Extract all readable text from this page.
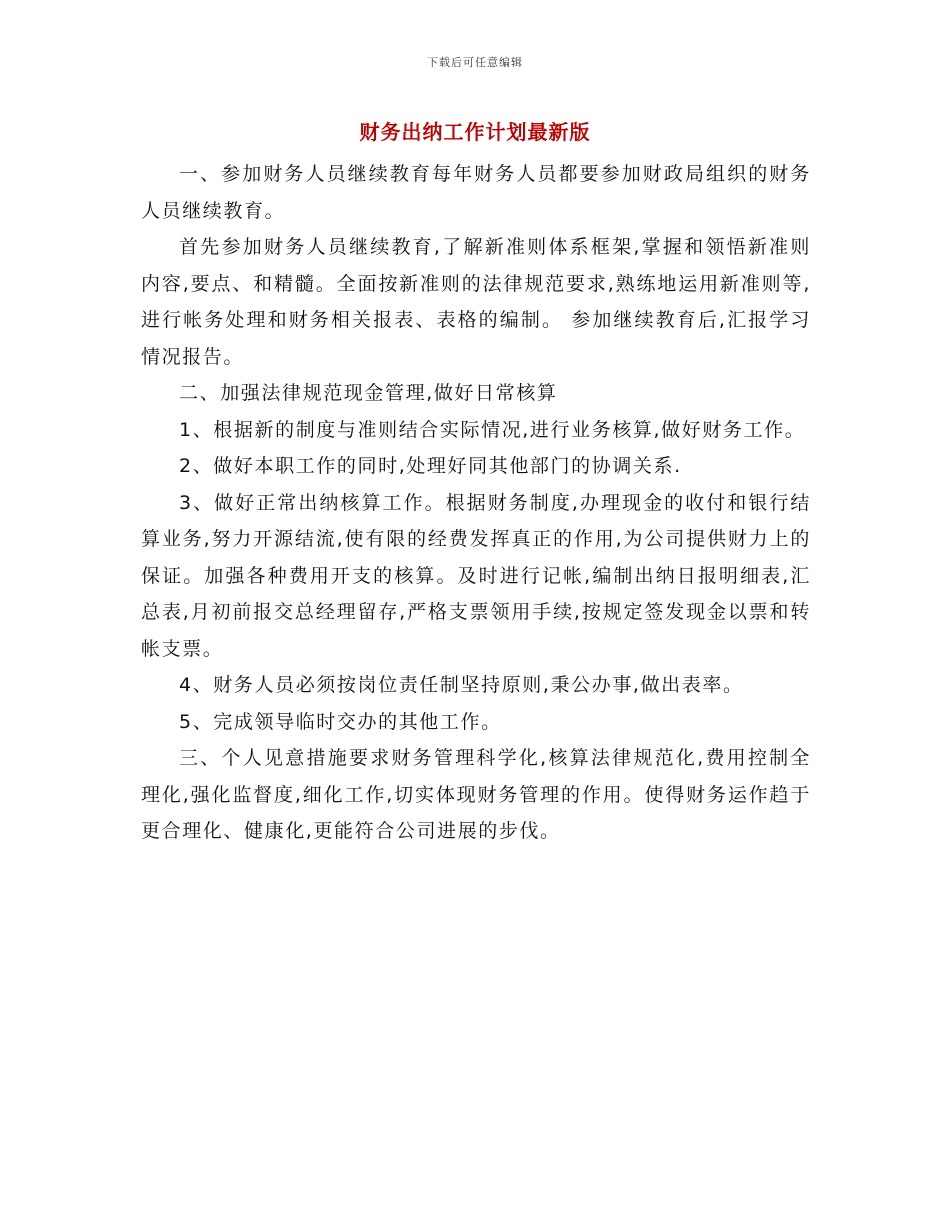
下载后可任意编辑
财务出纳工作计划最新版

一、参加财务人员继续教育每年财务人员都要参加财政局组织的财务人员继续教育。

首先参加财务人员继续教育,了解新准则体系框架,掌握和领悟新准则内容,要点、和精髓。全面按新准则的法律规范要求,熟练地运用新准则等,进行帐务处理和财务相关报表、表格的编制。 参加继续教育后,汇报学习情况报告。

二、加强法律规范现金管理,做好日常核算

1、根据新的制度与准则结合实际情况,进行业务核算,做好财务工作。

2、做好本职工作的同时,处理好同其他部门的协调关系.

3、做好正常出纳核算工作。根据财务制度,办理现金的收付和银行结算业务,努力开源结流,使有限的经费发挥真正的作用,为公司提供财力上的保证。加强各种费用开支的核算。及时进行记帐,编制出纳日报明细表,汇总表,月初前报交总经理留存,严格支票领用手续,按规定签发现金以票和转帐支票。

4、财务人员必须按岗位责任制坚持原则,秉公办事,做出表率。

5、完成领导临时交办的其他工作。

三、个人见意措施要求财务管理科学化,核算法律规范化,费用控制全理化,强化监督度,细化工作,切实体现财务管理的作用。使得财务运作趋于更合理化、健康化,更能符合公司进展的步伐。
